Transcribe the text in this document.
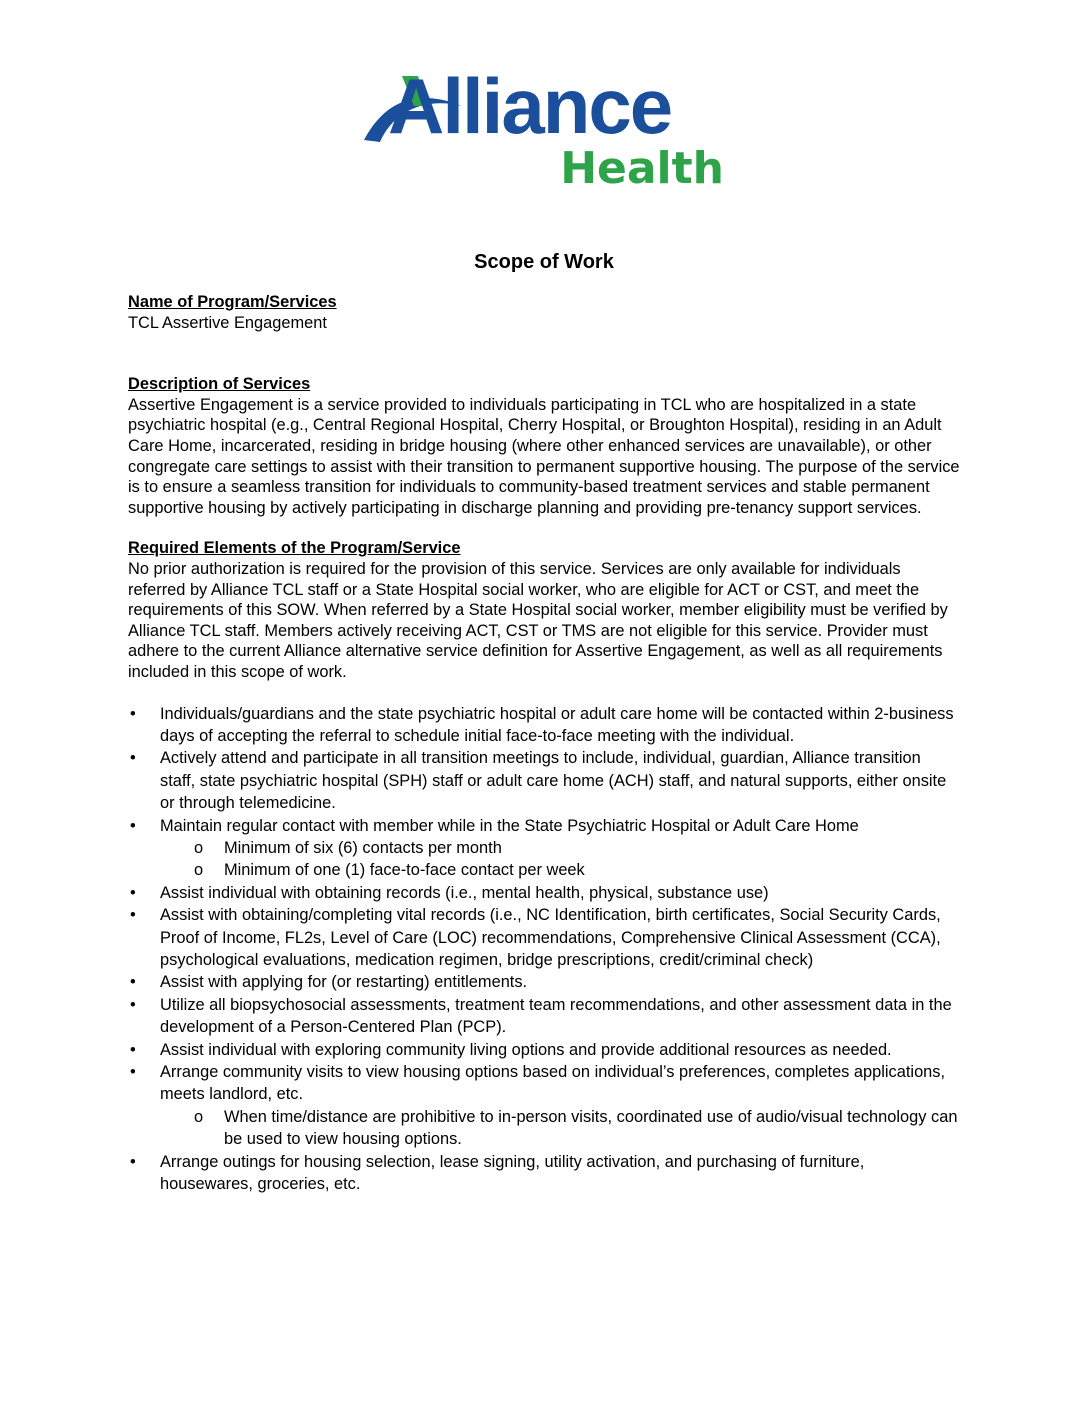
Alliance
Health
Scope of Work

Name of Program/Services

TCL Assertive Engagement

Description of Services

Assertive Engagement is a service provided to individuals participating in TCL who are hospitalized in a state psychiatric hospital (e.g., Central Regional Hospital, Cherry Hospital, or Broughton Hospital), residing in an Adult Care Home, incarcerated, residing in bridge housing (where other enhanced services are unavailable), or other congregate care settings to assist with their transition to permanent supportive housing. The purpose of the service is to ensure a seamless transition for individuals to community-based treatment services and stable permanent supportive housing by actively participating in discharge planning and providing pre-tenancy support services.

Required Elements of the Program/Service

No prior authorization is required for the provision of this service. Services are only available for individuals referred by Alliance TCL staff or a State Hospital social worker, who are eligible for ACT or CST, and meet the requirements of this SOW. When referred by a State Hospital social worker, member eligibility must be verified by Alliance TCL staff. Members actively receiving ACT, CST or TMS are not eligible for this service. Provider must adhere to the current Alliance alternative service definition for Assertive Engagement, as well as all requirements included in this scope of work.

• Individuals/guardians and the state psychiatric hospital or adult care home will be contacted within 2-business days of accepting the referral to schedule initial face-to-face meeting with the individual.
• Actively attend and participate in all transition meetings to include, individual, guardian, Alliance transition staff, state psychiatric hospital (SPH) staff or adult care home (ACH) staff, and natural supports, either onsite or through telemedicine.
• Maintain regular contact with member while in the State Psychiatric Hospital or Adult Care Home
o Minimum of six (6) contacts per month
o Minimum of one (1) face-to-face contact per week
• Assist individual with obtaining records (i.e., mental health, physical, substance use)
• Assist with obtaining/completing vital records (i.e., NC Identification, birth certificates, Social Security Cards, Proof of Income, FL2s, Level of Care (LOC) recommendations, Comprehensive Clinical Assessment (CCA), psychological evaluations, medication regimen, bridge prescriptions, credit/criminal check)
• Assist with applying for (or restarting) entitlements.
• Utilize all biopsychosocial assessments, treatment team recommendations, and other assessment data in the development of a Person-Centered Plan (PCP).
• Assist individual with exploring community living options and provide additional resources as needed.
• Arrange community visits to view housing options based on individual’s preferences, completes applications, meets landlord, etc.
o When time/distance are prohibitive to in-person visits, coordinated use of audio/visual technology can be used to view housing options.
• Arrange outings for housing selection, lease signing, utility activation, and purchasing of furniture, housewares, groceries, etc.
